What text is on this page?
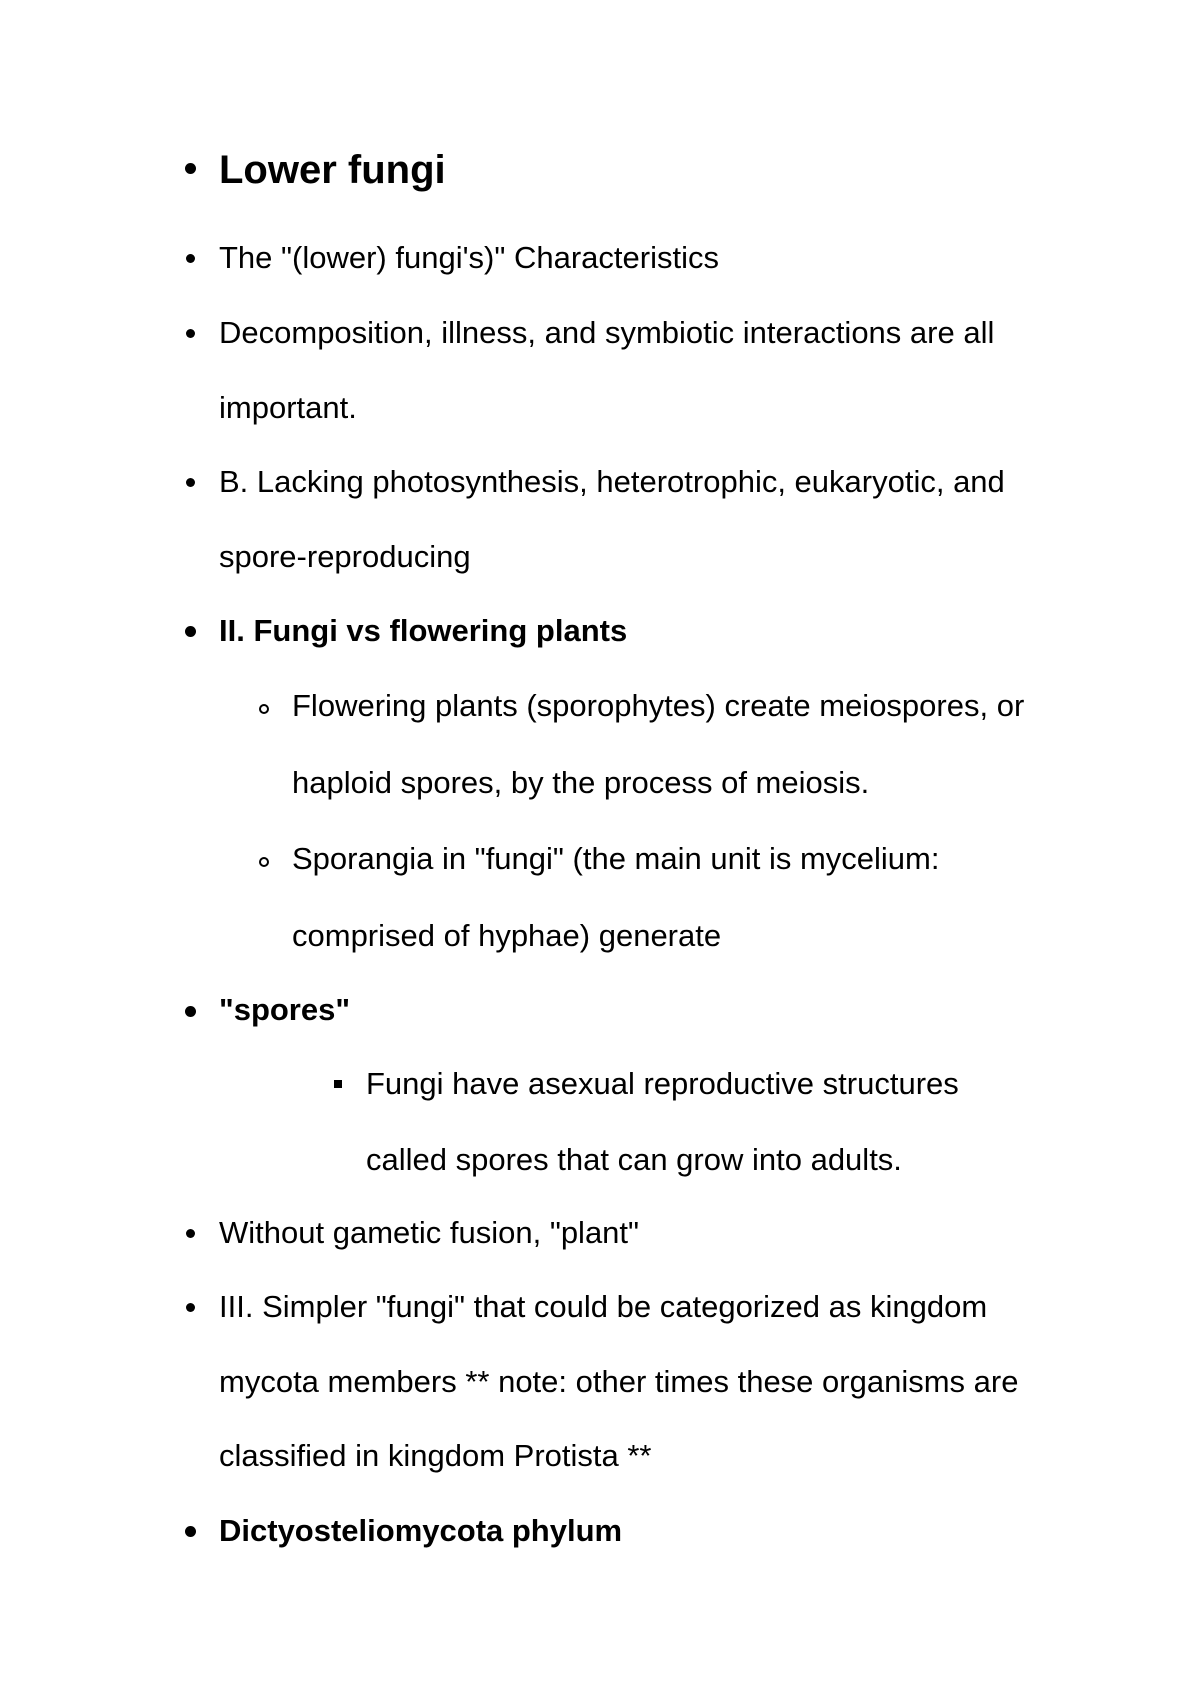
Lower fungi
The "(lower) fungi's)" Characteristics
Decomposition, illness, and symbiotic interactions are all
important.
B. Lacking photosynthesis, heterotrophic, eukaryotic, and
spore-reproducing
II. Fungi vs flowering plants
Flowering plants (sporophytes) create meiospores, or
haploid spores, by the process of meiosis.
Sporangia in "fungi" (the main unit is mycelium:
comprised of hyphae) generate
"spores"
Fungi have asexual reproductive structures
called spores that can grow into adults.
Without gametic fusion, "plant"
III. Simpler "fungi" that could be categorized as kingdom
mycota members ** note: other times these organisms are
classified in kingdom Protista **
Dictyosteliomycota phylum
